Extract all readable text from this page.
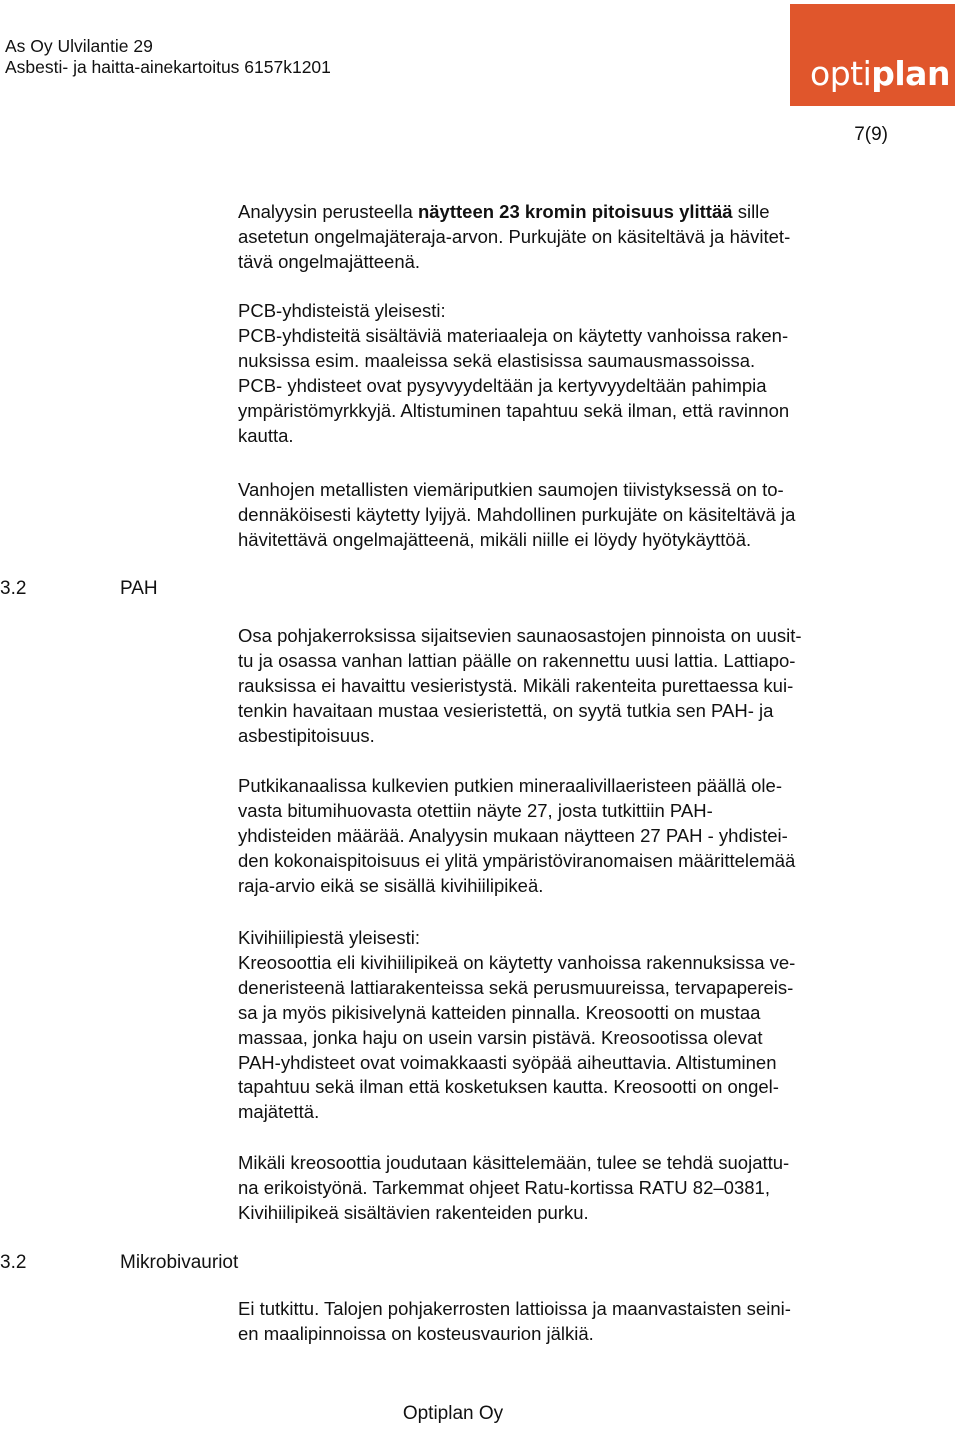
As Oy Ulvilantie 29
Asbesti- ja haitta-ainekartoitus 6157k1201	optiplan
7(9)
3.2	PAH
3.2	Mikrobivauriot
Analyysin perusteella näytteen 23 kromin pitoisuus ylittää sille
asetetun ongelmajäteraja-arvon. Purkujäte on käsiteltävä ja hävitet-
tävä ongelmajätteenä.
PCB-yhdisteistä yleisesti:
PCB-yhdisteitä sisältäviä materiaaleja on käytetty vanhoissa raken-
nuksissa esim. maaleissa sekä elastisissa saumausmassoissa.
PCB- yhdisteet ovat pysyvyydeltään ja kertyvyydeltään pahimpia
ympäristömyrkkyjä. Altistuminen tapahtuu sekä ilman, että ravinnon
kautta.
Vanhojen metallisten viemäriputkien saumojen tiivistyksessä on to-
dennäköisesti käytetty lyijyä. Mahdollinen purkujäte on käsiteltävä ja
hävitettävä ongelmajätteenä, mikäli niille ei löydy hyötykäyttöä.
Osa pohjakerroksissa sijaitsevien saunaosastojen pinnoista on uusit-
tu ja osassa vanhan lattian päälle on rakennettu uusi lattia. Lattiapo-
rauksissa ei havaittu vesieristystä. Mikäli rakenteita purettaessa kui-
tenkin havaitaan mustaa vesieristettä, on syytä tutkia sen PAH- ja
asbestipitoisuus.
Putkikanaalissa kulkevien putkien mineraalivillaeristeen päällä ole-
vasta bitumihuovasta otettiin näyte 27, josta tutkittiin PAH-
yhdisteiden määrää. Analyysin mukaan näytteen 27 PAH - yhdistei-
den kokonaispitoisuus ei ylitä ympäristöviranomaisen määrittelemää
raja-arvio eikä se sisällä kivihiilipikeä.
Kivihiilipiestä yleisesti:
Kreosoottia eli kivihiilipikeä on käytetty vanhoissa rakennuksissa ve-
deneristeenä lattiarakenteissa sekä perusmuureissa, tervapapereis-
sa ja myös pikisivelynä katteiden pinnalla. Kreosootti on mustaa
massaa, jonka haju on usein varsin pistävä. Kreosootissa olevat
PAH-yhdisteet ovat voimakkaasti syöpää aiheuttavia. Altistuminen
tapahtuu sekä ilman että kosketuksen kautta. Kreosootti on ongel-
majätettä.
Mikäli kreosoottia joudutaan käsittelemään, tulee se tehdä suojattu-
na erikoistyönä. Tarkemmat ohjeet Ratu-kortissa RATU 82–0381,
Kivihiilipikeä sisältävien rakenteiden purku.
Ei tutkittu. Talojen pohjakerrosten lattioissa ja maanvastaisten seini-
en maalipinnoissa on kosteusvaurion jälkiä.
Optiplan Oy
